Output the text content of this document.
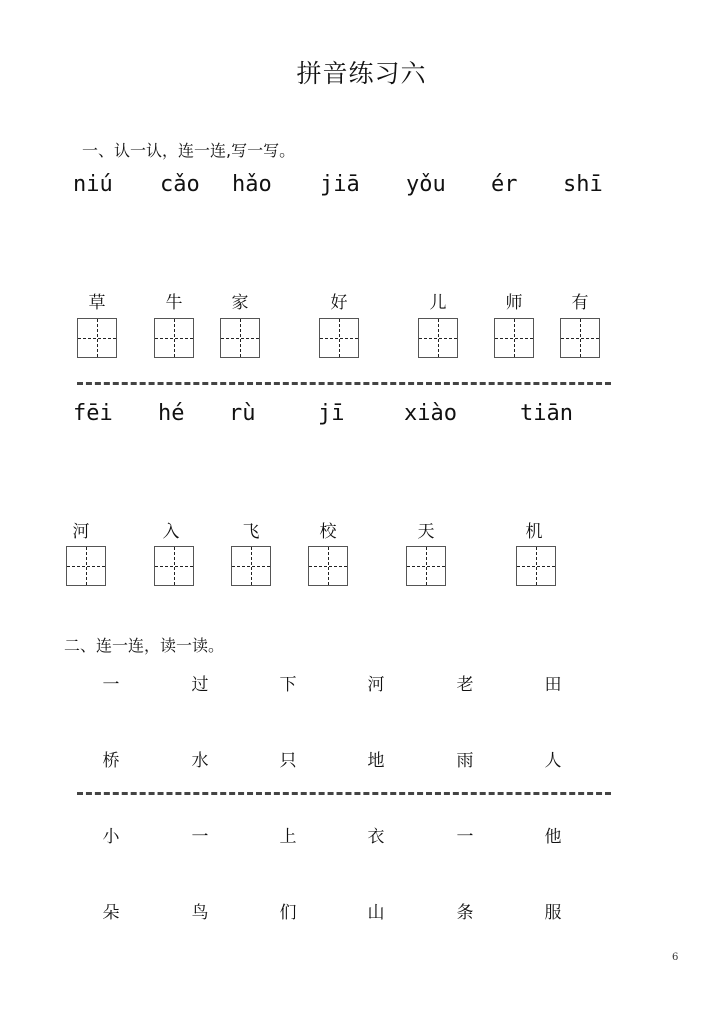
拼音练习六
一、认一认，连一连,写一写。
niú cǎo hǎo jiā yǒu ér shī
草	牛	家	好	儿	师	有
fēi hé rù	jī	xiào	tiān
河	入	飞	校	天	机
二、连一连，读一读。
一	过	下	河	老	田
桥	水	只	地	雨	人
小	一	上	衣	一	他
朵	鸟	们	山	条	服
6
